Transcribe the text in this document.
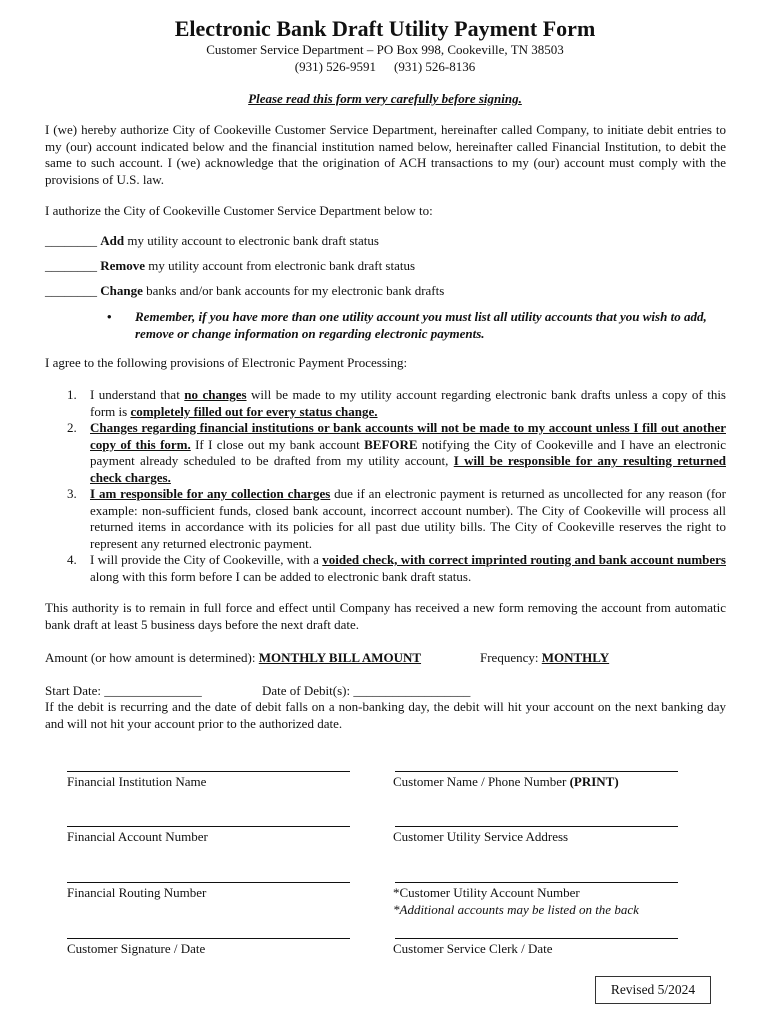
Electronic Bank Draft Utility Payment Form
Customer Service Department – PO Box 998, Cookeville, TN 38503
(931) 526-9591 (931) 526-8136
Please read this form very carefully before signing.
I (we) hereby authorize City of Cookeville Customer Service Department, hereinafter called Company, to initiate debit entries to my (our) account indicated below and the financial institution named below, hereinafter called Financial Institution, to debit the same to such account. I (we) acknowledge that the origination of ACH transactions to my (our) account must comply with the provisions of U.S. law.
I authorize the City of Cookeville Customer Service Department below to:
________ Add my utility account to electronic bank draft status
________ Remove my utility account from electronic bank draft status
________ Change banks and/or bank accounts for my electronic bank drafts
•	Remember, if you have more than one utility account you must list all utility accounts that you wish to add, remove or change information on regarding electronic payments.
I agree to the following provisions of Electronic Payment Processing:
1. I understand that no changes will be made to my utility account regarding electronic bank drafts unless a copy of this form is completely filled out for every status change.
2. Changes regarding financial institutions or bank accounts will not be made to my account unless I fill out another copy of this form. If I close out my bank account BEFORE notifying the City of Cookeville and I have an electronic payment already scheduled to be drafted from my utility account, I will be responsible for any resulting returned check charges.
3. I am responsible for any collection charges due if an electronic payment is returned as uncollected for any reason (for example: non-sufficient funds, closed bank account, incorrect account number). The City of Cookeville will process all returned items in accordance with its policies for all past due utility bills. The City of Cookeville reserves the right to represent any returned electronic payment.
4. I will provide the City of Cookeville, with a voided check, with correct imprinted routing and bank account numbers along with this form before I can be added to electronic bank draft status.
This authority is to remain in full force and effect until Company has received a new form removing the account from automatic bank draft at least 5 business days before the next draft date.
Amount (or how amount is determined): MONTHLY BILL AMOUNT	Frequency: MONTHLY
Start Date: _______________	Date of Debit(s): __________________
If the debit is recurring and the date of debit falls on a non-banking day, the debit will hit your account on the next banking day and will not hit your account prior to the authorized date.
Financial Institution Name	Customer Name / Phone Number (PRINT)
Financial Account Number	Customer Utility Service Address
Financial Routing Number	*Customer Utility Account Number
*Additional accounts may be listed on the back
Customer Signature / Date	Customer Service Clerk / Date
Revised 5/2024
